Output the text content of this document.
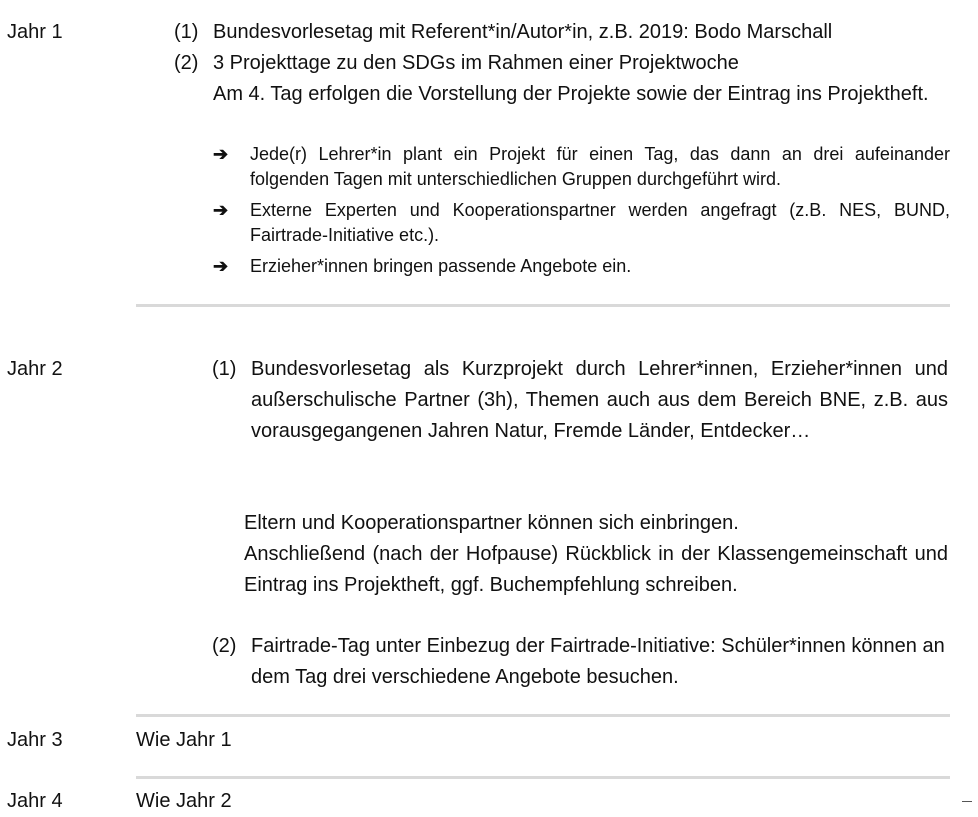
Jahr 1	(1) Bundesvorlesetag mit Referent*in/Autor*in, z.B. 2019: Bodo Marschall
(2) 3 Projekttage zu den SDGs im Rahmen einer Projektwoche
Am 4. Tag erfolgen die Vorstellung der Projekte sowie der Eintrag ins Projektheft.
➔ Jede(r) Lehrer*in plant ein Projekt für einen Tag, das dann an drei aufeinander folgenden Tagen mit unterschiedlichen Gruppen durchgeführt wird.
➔ Externe Experten und Kooperationspartner werden angefragt (z.B. NES, BUND, Fairtrade-Initiative etc.).
➔ Erzieher*innen bringen passende Angebote ein.
Jahr 2	(1) Bundesvorlesetag als Kurzprojekt durch Lehrer*innen, Erzieher*innen und außerschulische Partner (3h), Themen auch aus dem Bereich BNE, z.B. aus vorausgegangenen Jahren Natur, Fremde Länder, Entdecker…
Eltern und Kooperationspartner können sich einbringen.
Anschließend (nach der Hofpause) Rückblick in der Klassengemeinschaft und Eintrag ins Projektheft, ggf. Buchempfehlung schreiben.
(2) Fairtrade-Tag unter Einbezug der Fairtrade-Initiative: Schüler*innen können an dem Tag drei verschiedene Angebote besuchen.
Jahr 3	Wie Jahr 1
Jahr 4	Wie Jahr 2
